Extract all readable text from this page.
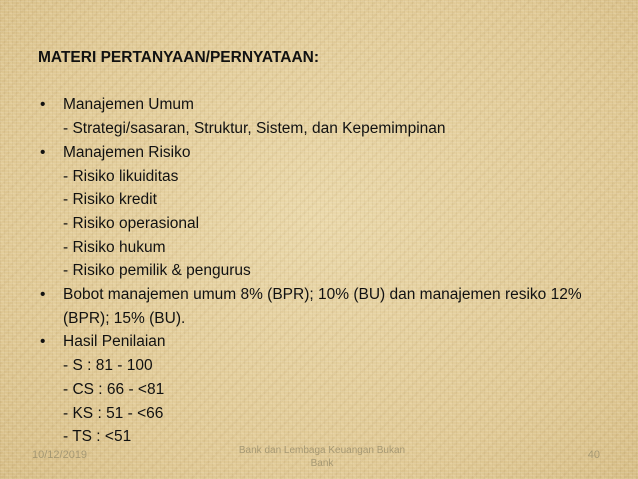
MATERI PERTANYAAN/PERNYATAAN:
• Manajemen Umum
- Strategi/sasaran, Struktur, Sistem, dan Kepemimpinan
• Manajemen Risiko
- Risiko likuiditas
- Risiko kredit
- Risiko operasional
- Risiko hukum
- Risiko pemilik & pengurus
• Bobot manajemen umum 8% (BPR); 10% (BU) dan manajemen resiko 12% (BPR); 15% (BU).
• Hasil Penilaian
- S : 81 - 100
- CS : 66 - <81
- KS : 51 - <66
- TS : <51
10/12/2019	Bank dan Lembaga Keuangan Bukan
Bank
40
